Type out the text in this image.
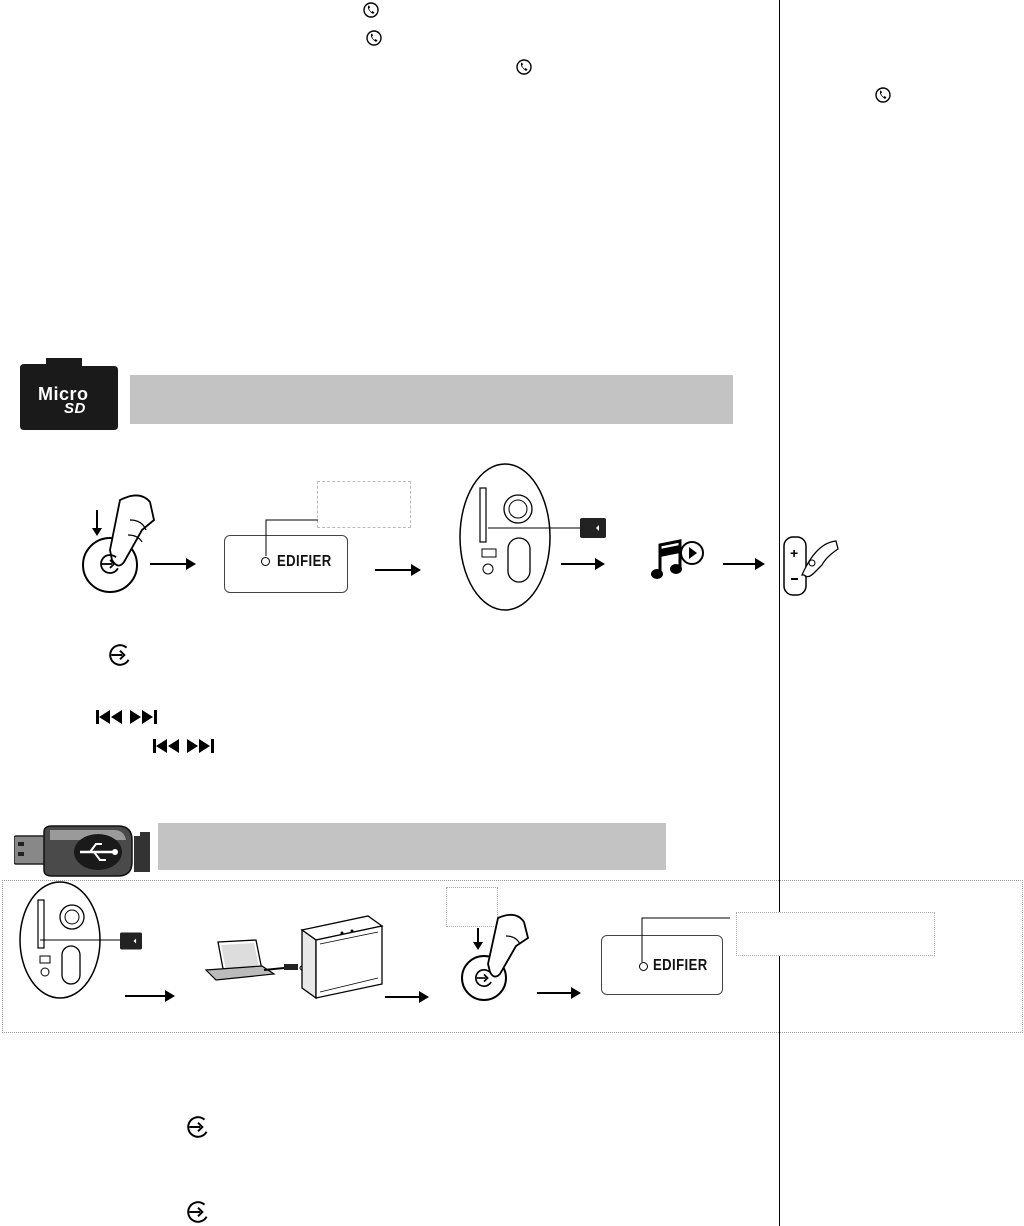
Micro
SD
EDIFIER	+
EDIFIER
